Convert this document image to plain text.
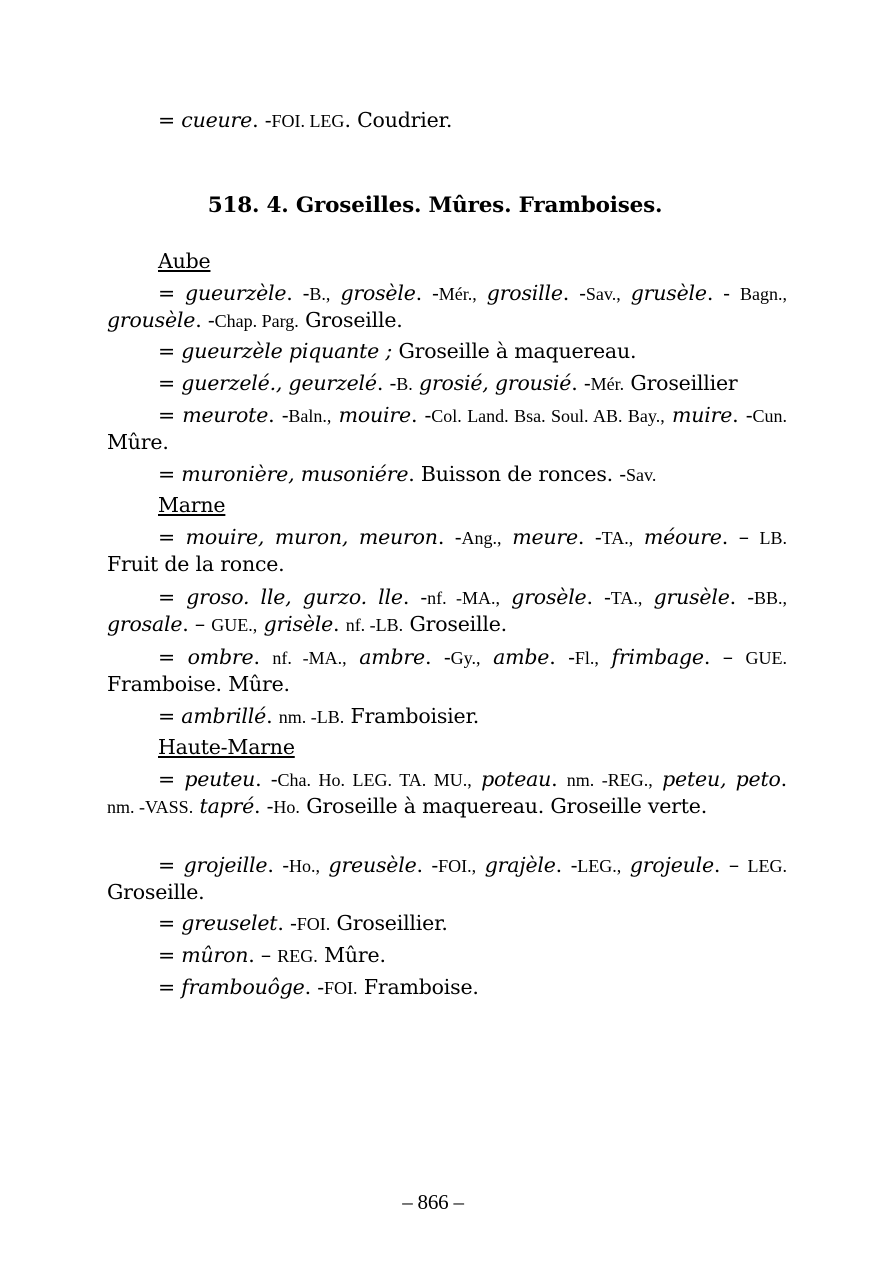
= cueure. -FOI. LEG. Coudrier.
518. 4. Groseilles. Mûres. Framboises.
Aube
= gueurzèle. -B., grosèle. -Mér., grosille. -Sav., grusèle. - Bagn., grousèle. -Chap. Parg. Groseille.
= gueurzèle piquante ; Groseille à maquereau.
= guerzelé., geurzelé. -B. grosié, grousié. -Mér. Groseillier
= meurote. -Baln., mouire. -Col. Land. Bsa. Soul. AB. Bay., muire. -Cun. Mûre.
= muronière, musoniére. Buisson de ronces. -Sav.
Marne
= mouire, muron, meuron. -Ang., meure. -TA., méoure. – LB. Fruit de la ronce.
= groso. lle, gurzo. lle. -nf. -MA., grosèle. -TA., grusèle. -BB., grosale. – GUE., grisèle. nf. -LB. Groseille.
= ombre. nf. -MA., ambre. -Gy., ambe. -Fl., frimbage. – GUE. Framboise. Mûre.
= ambrillé. nm. -LB. Framboisier.
Haute-Marne
= peuteu. -Cha. Ho. LEG. TA. MU., poteau. nm. -REG., peteu, peto. nm. -VASS. tapré. -Ho. Groseille à maquereau. Groseille verte.
= grojeille. -Ho., greusèle. -FOI., grajèle. -LEG., grojeule. – LEG. Groseille.
= greuselet. -FOI. Groseillier.
= mûron. – REG. Mûre.
= frambouôge. -FOI. Framboise.
– 866 –
